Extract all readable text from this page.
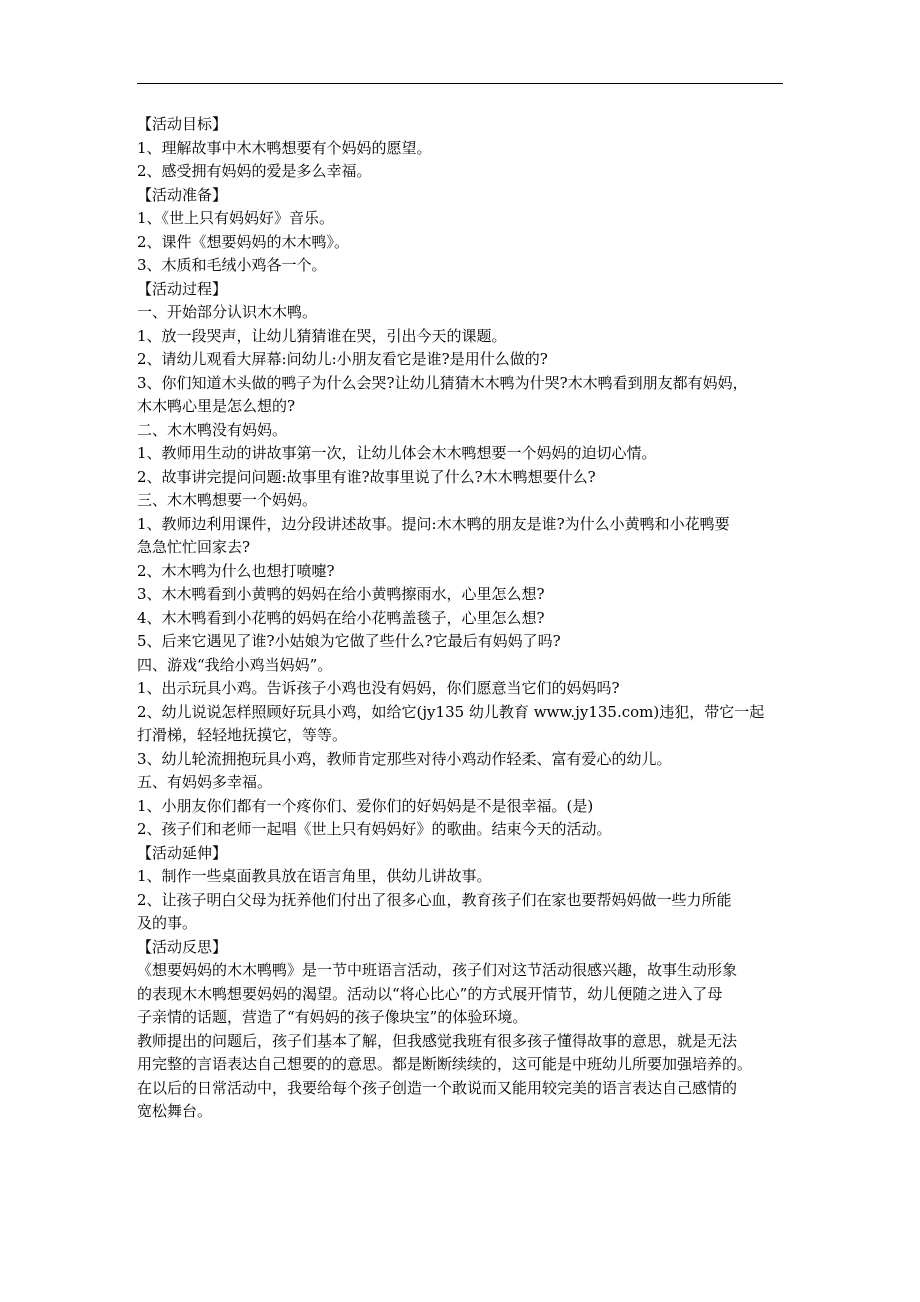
【活动目标】

1、理解故事中木木鸭想要有个妈妈的愿望。

2、感受拥有妈妈的爱是多么幸福。

【活动准备】

1、《世上只有妈妈好》音乐。

2、课件《想要妈妈的木木鸭》。

3、木质和毛绒小鸡各一个。

【活动过程】

一、开始部分认识木木鸭。

1、放一段哭声，让幼儿猜猜谁在哭，引出今天的课题。

2、请幼儿观看大屏幕:问幼儿:小朋友看它是谁?是用什么做的?

3、你们知道木头做的鸭子为什么会哭?让幼儿猜猜木木鸭为什哭?木木鸭看到朋友都有妈妈，

木木鸭心里是怎么想的?

二、木木鸭没有妈妈。

1、教师用生动的讲故事第一次，让幼儿体会木木鸭想要一个妈妈的迫切心情。

2、故事讲完提问问题:故事里有谁?故事里说了什么?木木鸭想要什么?

三、木木鸭想要一个妈妈。

1、教师边利用课件，边分段讲述故事。提问:木木鸭的朋友是谁?为什么小黄鸭和小花鸭要

急急忙忙回家去?

2、木木鸭为什么也想打喷嚏?

3、木木鸭看到小黄鸭的妈妈在给小黄鸭擦雨水，心里怎么想?

4、木木鸭看到小花鸭的妈妈在给小花鸭盖毯子，心里怎么想?

5、后来它遇见了谁?小姑娘为它做了些什么?它最后有妈妈了吗?

四、游戏“我给小鸡当妈妈”。

1、出示玩具小鸡。告诉孩子小鸡也没有妈妈，你们愿意当它们的妈妈吗?

2、幼儿说说怎样照顾好玩具小鸡，如给它(jy135 幼儿教育 www.jy135.com)违犯，带它一起

打滑梯，轻轻地抚摸它，等等。

3、幼儿轮流拥抱玩具小鸡，教师肯定那些对待小鸡动作轻柔、富有爱心的幼儿。

五、有妈妈多幸福。

1、小朋友你们都有一个疼你们、爱你们的好妈妈是不是很幸福。(是)

2、孩子们和老师一起唱《世上只有妈妈好》的歌曲。结束今天的活动。

【活动延伸】

1、制作一些桌面教具放在语言角里，供幼儿讲故事。

2、让孩子明白父母为抚养他们付出了很多心血，教育孩子们在家也要帮妈妈做一些力所能

及的事。

【活动反思】

《想要妈妈的木木鸭鸭》是一节中班语言活动，孩子们对这节活动很感兴趣，故事生动形象

的表现木木鸭想要妈妈的渴望。活动以“将心比心”的方式展开情节，幼儿便随之进入了母

子亲情的话题，营造了“有妈妈的孩子像块宝”的体验环境。

教师提出的问题后，孩子们基本了解，但我感觉我班有很多孩子懂得故事的意思，就是无法

用完整的言语表达自己想要的的意思。都是断断续续的，这可能是中班幼儿所要加强培养的。

在以后的日常活动中，我要给每个孩子创造一个敢说而又能用较完美的语言表达自己感情的

宽松舞台。
